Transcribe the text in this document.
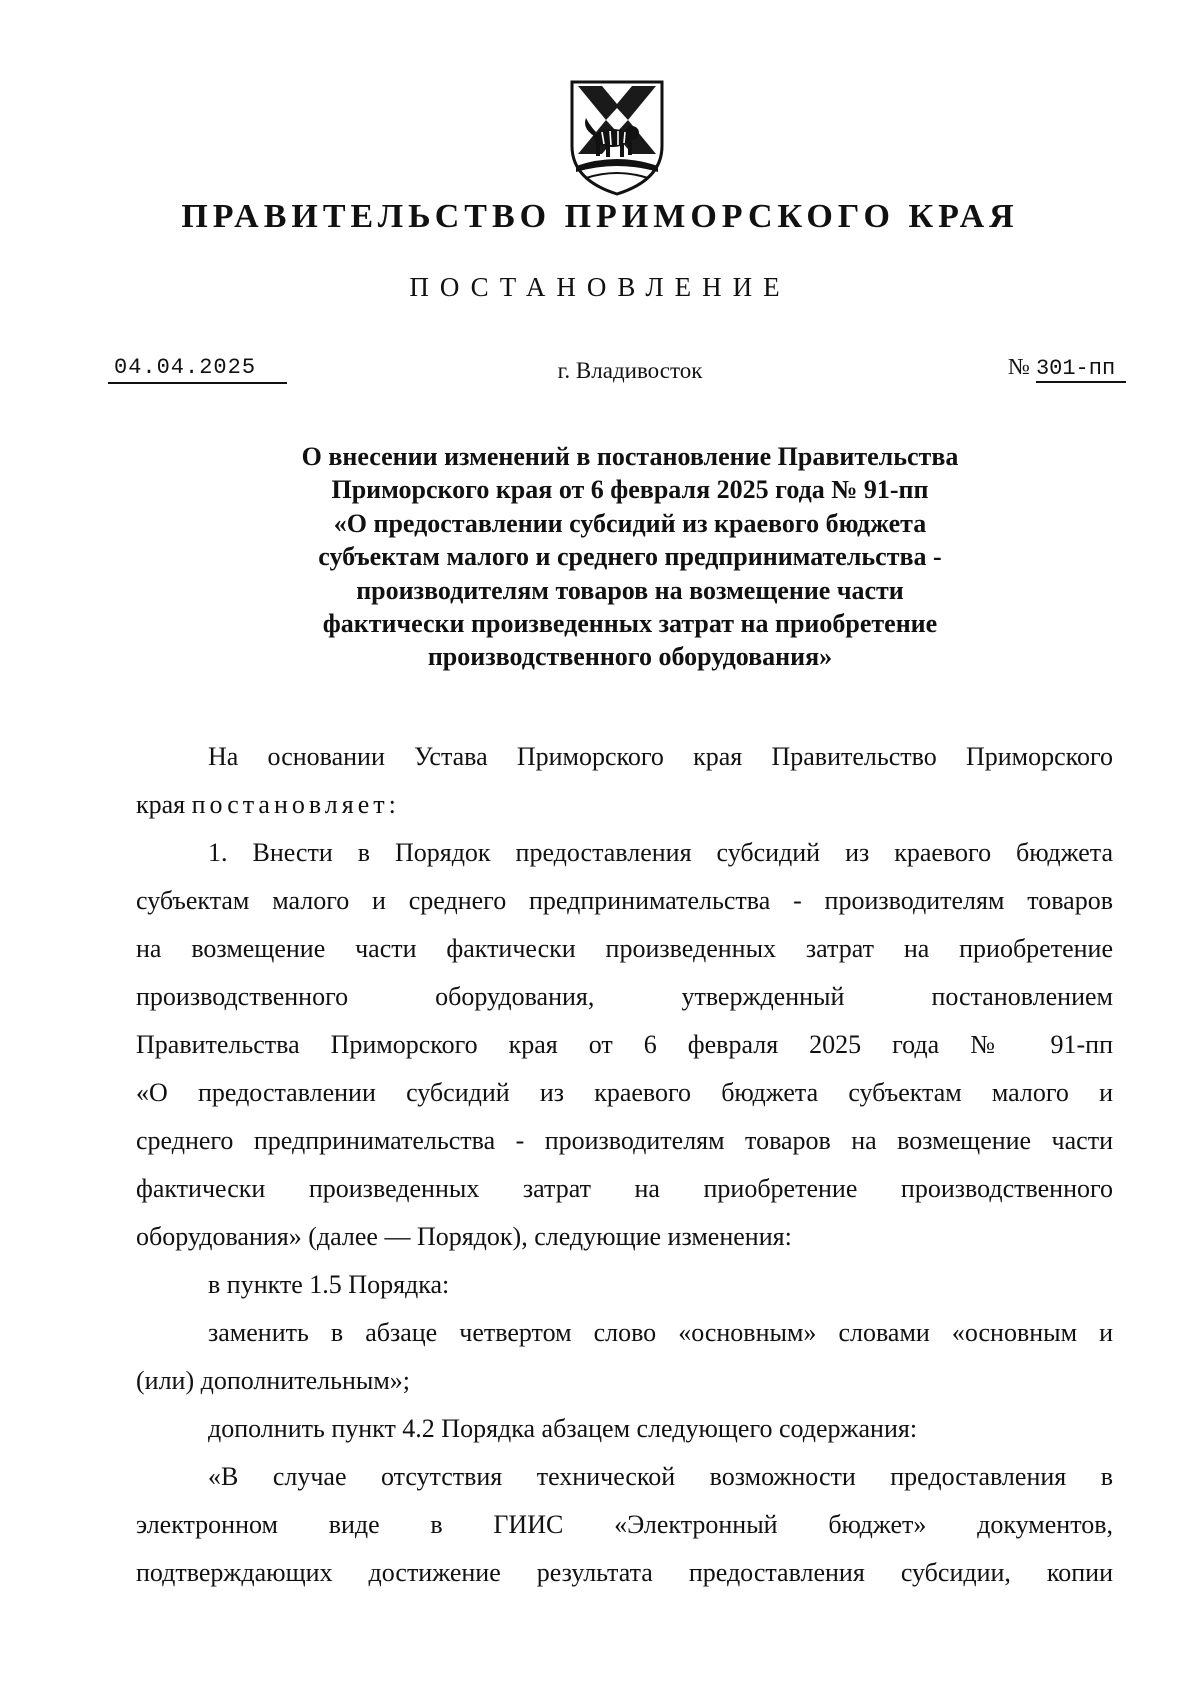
ПРАВИТЕЛЬСТВО ПРИМОРСКОГО КРАЯ
ПОСТАНОВЛЕНИЕ
04.04.2025	г. Владивосток	№ 301-пп
О внесении изменений в постановление Правительства
Приморского края от 6 февраля 2025 года № 91-пп
«О предоставлении субсидий из краевого бюджета
субъектам малого и среднего предпринимательства -
производителям товаров на возмещение части
фактически произведенных затрат на приобретение
производственного оборудования»
На основании Устава Приморского края Правительство Приморского
края постановляет:
1. Внести в Порядок предоставления субсидий из краевого бюджета
субъектам малого и среднего предпринимательства - производителям товаров
на возмещение части фактически произведенных затрат на приобретение
производственного оборудования, утвержденный постановлением
Правительства Приморского края от 6 февраля 2025 года № 91-пп
«О предоставлении субсидий из краевого бюджета субъектам малого и
среднего предпринимательства - производителям товаров на возмещение части
фактически произведенных затрат на приобретение производственного
оборудования» (далее — Порядок), следующие изменения:
в пункте 1.5 Порядка:
заменить в абзаце четвертом слово «основным» словами «основным и
(или) дополнительным»;
дополнить пункт 4.2 Порядка абзацем следующего содержания:
«В случае отсутствия технической возможности предоставления в
электронном виде в ГИИС «Электронный бюджет» документов,
подтверждающих достижение результата предоставления субсидии, копии
